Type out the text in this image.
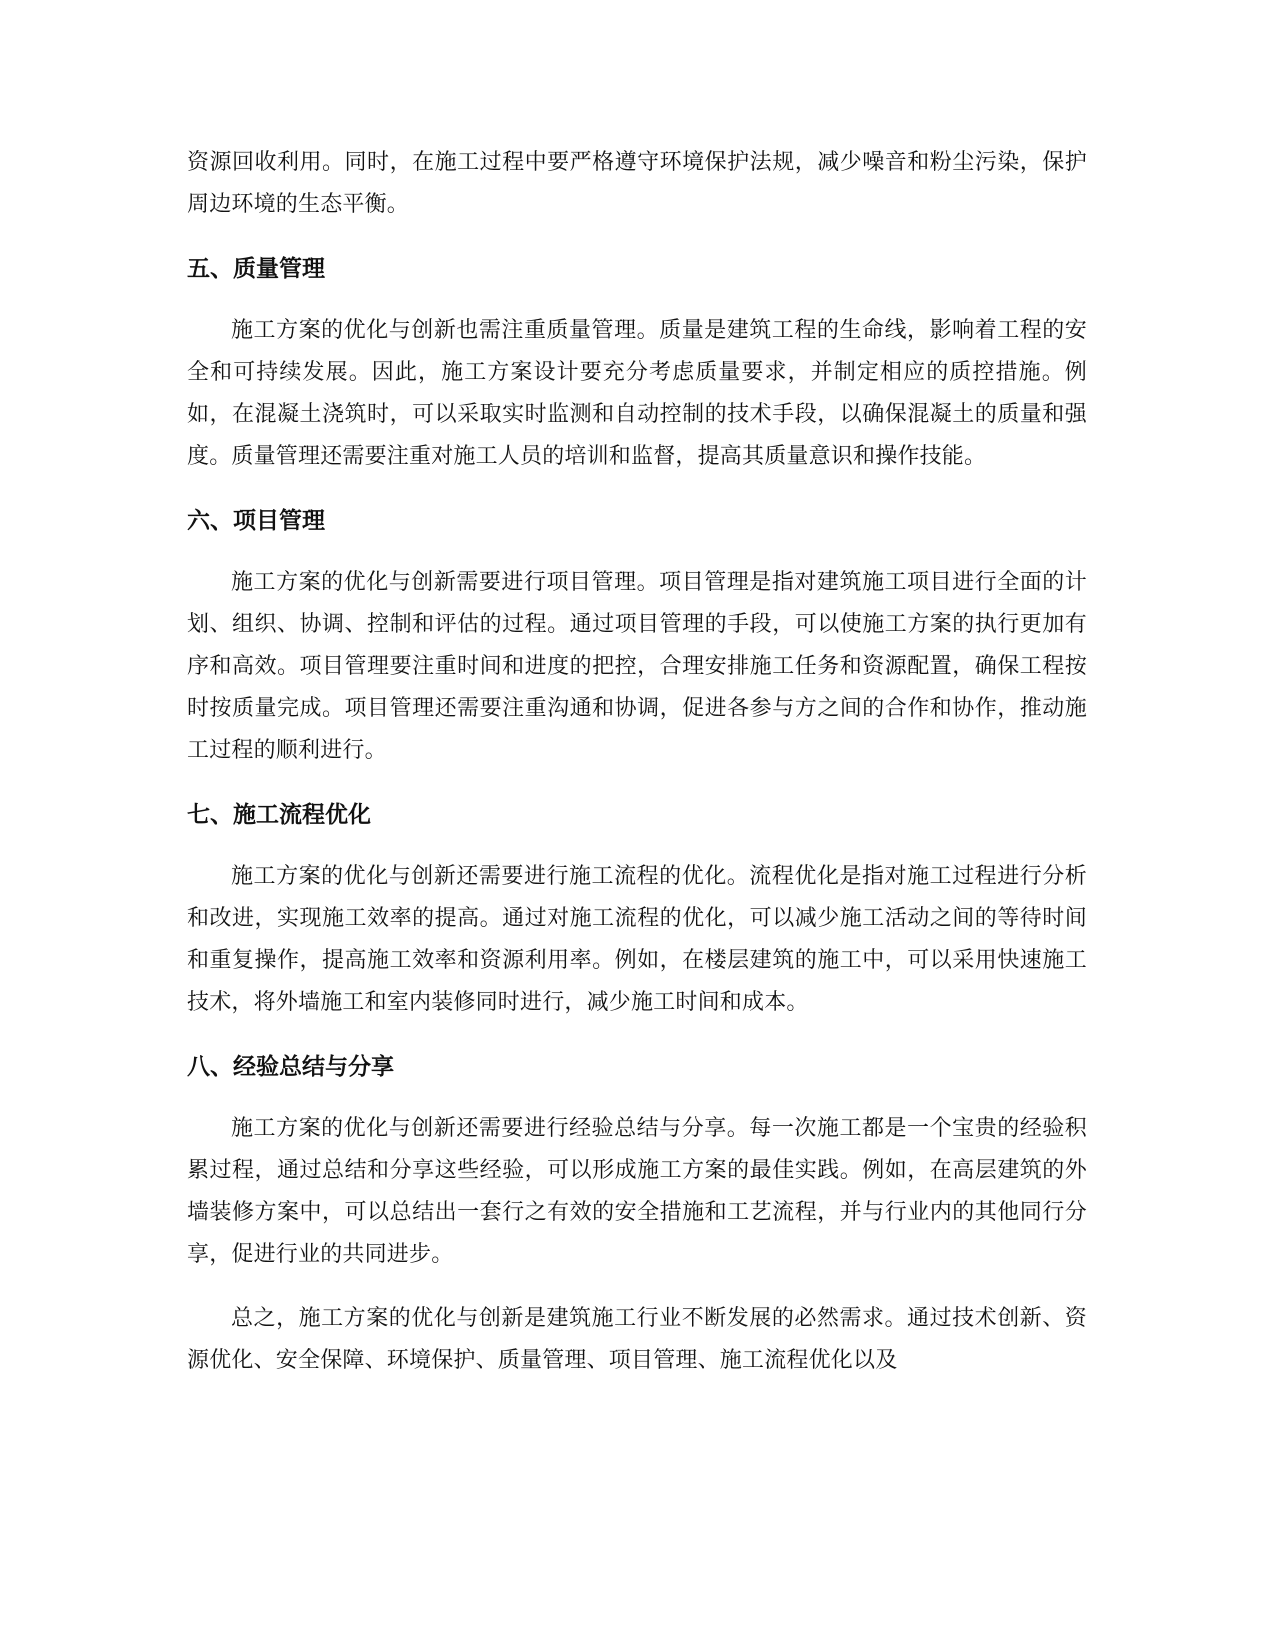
资源回收利用。同时，在施工过程中要严格遵守环境保护法规，减少噪音和粉尘污染，保护周边环境的生态平衡。

五、质量管理

施工方案的优化与创新也需注重质量管理。质量是建筑工程的生命线，影响着工程的安全和可持续发展。因此，施工方案设计要充分考虑质量要求，并制定相应的质控措施。例如，在混凝土浇筑时，可以采取实时监测和自动控制的技术手段，以确保混凝土的质量和强度。质量管理还需要注重对施工人员的培训和监督，提高其质量意识和操作技能。

六、项目管理

施工方案的优化与创新需要进行项目管理。项目管理是指对建筑施工项目进行全面的计划、组织、协调、控制和评估的过程。通过项目管理的手段，可以使施工方案的执行更加有序和高效。项目管理要注重时间和进度的把控，合理安排施工任务和资源配置，确保工程按时按质量完成。项目管理还需要注重沟通和协调，促进各参与方之间的合作和协作，推动施工过程的顺利进行。

七、施工流程优化

施工方案的优化与创新还需要进行施工流程的优化。流程优化是指对施工过程进行分析和改进，实现施工效率的提高。通过对施工流程的优化，可以减少施工活动之间的等待时间和重复操作，提高施工效率和资源利用率。例如，在楼层建筑的施工中，可以采用快速施工技术，将外墙施工和室内装修同时进行，减少施工时间和成本。

八、经验总结与分享

施工方案的优化与创新还需要进行经验总结与分享。每一次施工都是一个宝贵的经验积累过程，通过总结和分享这些经验，可以形成施工方案的最佳实践。例如，在高层建筑的外墙装修方案中，可以总结出一套行之有效的安全措施和工艺流程，并与行业内的其他同行分享，促进行业的共同进步。

总之，施工方案的优化与创新是建筑施工行业不断发展的必然需求。通过技术创新、资源优化、安全保障、环境保护、质量管理、项目管理、施工流程优化以及
